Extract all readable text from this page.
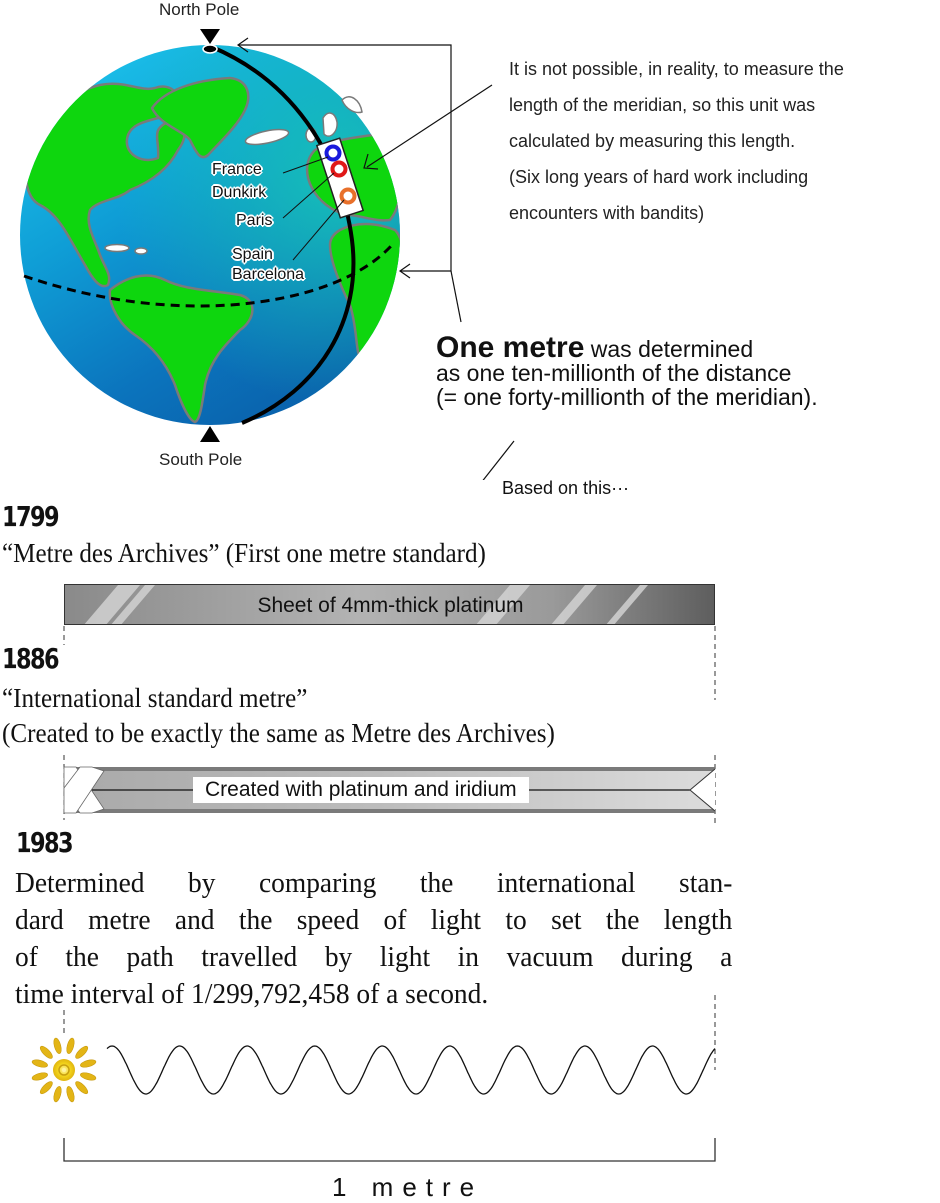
North Pole
South Pole
France
Dunkirk
Paris
Spain
Barcelona
It is not possible, in reality, to measure the
length of the meridian, so this unit was
calculated by measuring this length.
(Six long years of hard work including
encounters with bandits)
One metre was determined
as one ten-millionth of the distance
(= one forty-millionth of the meridian).
Based on this···
1799
“Metre des Archives” (First one metre standard)
Sheet of 4mm-thick platinum
1886
“International standard metre”
(Created to be exactly the same as Metre des Archives)
Created with platinum and iridium
1983
Determined by comparing the international stan-
dard metre and the speed of light to set the length
of the path travelled by light in vacuum during a
time interval of 1/299,792,458 of a second.
1 metre
